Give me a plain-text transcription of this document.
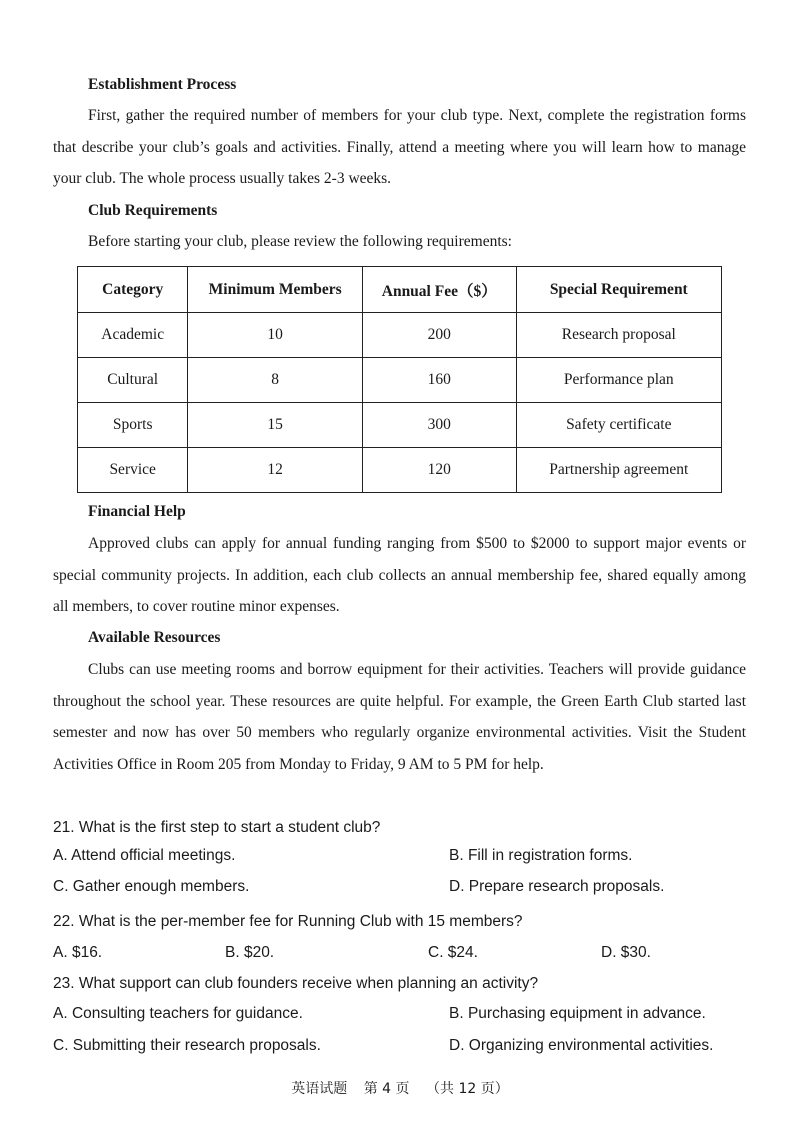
Establishment Process

First, gather the required number of members for your club type. Next, complete the registration forms that describe your club’s goals and activities. Finally, attend a meeting where you will learn how to manage your club. The whole process usually takes 2-3 weeks.

Club Requirements
Before starting your club, please review the following requirements:
Category	Minimum Members	Annual Fee（$）	Special Requirement
Academic	10	200	Research proposal
Cultural	8	160	Performance plan
Sports	15	300	Safety certificate
Service	12	120	Partnership agreement
Financial Help

Approved clubs can apply for annual funding ranging from $500 to $2000 to support major events or special community projects. In addition, each club collects an annual membership fee, shared equally among all members, to cover routine minor expenses.

Available Resources

Clubs can use meeting rooms and borrow equipment for their activities. Teachers will provide guidance throughout the school year. These resources are quite helpful. For example, the Green Earth Club started last semester and now has over 50 members who regularly organize environmental activities. Visit the Student Activities Office in Room 205 from Monday to Friday, 9 AM to 5 PM for help.

21. What is the first step to start a student club?
A. Attend official meetings.	B. Fill in registration forms.
C. Gather enough members.	D. Prepare research proposals.
22. What is the per-member fee for Running Club with 15 members?
A. $16.	B. $20.	C. $24.	D. $30.
23. What support can club founders receive when planning an activity?
A. Consulting teachers for guidance.	B. Purchasing equipment in advance.
C. Submitting their research proposals.	D. Organizing environmental activities.
英语试题 第 4 页 （共 12 页）
